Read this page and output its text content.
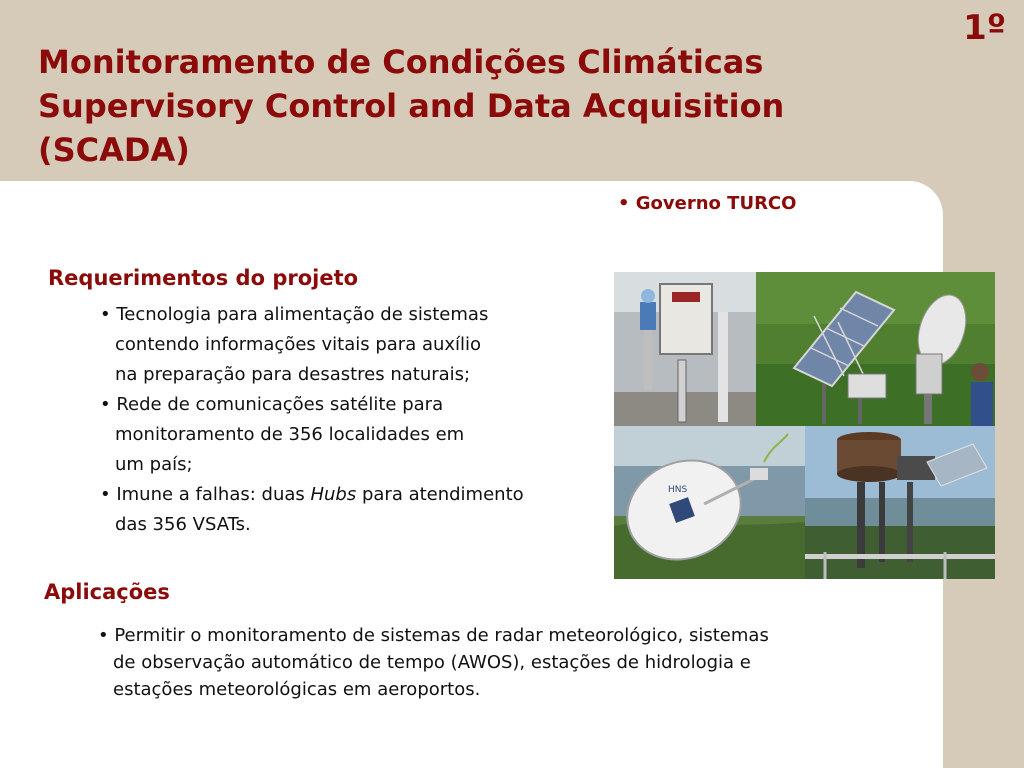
1º
Monitoramento de Condições Climáticas
Supervisory Control and Data Acquisition
(SCADA)
• Governo TURCO
Requerimentos do projeto
• Tecnologia para alimentação de sistemas
contendo informações vitais para auxílio
na preparação para desastres naturais;
• Rede de comunicações satélite para
monitoramento de 356 localidades em
um país;
• Imune a falhas: duas Hubs para atendimento
das 356 VSATs.
HNS
Aplicações
• Permitir o monitoramento de sistemas de radar meteorológico, sistemas
de observação automático de tempo (AWOS), estações de hidrologia e
estações meteorológicas em aeroportos.
